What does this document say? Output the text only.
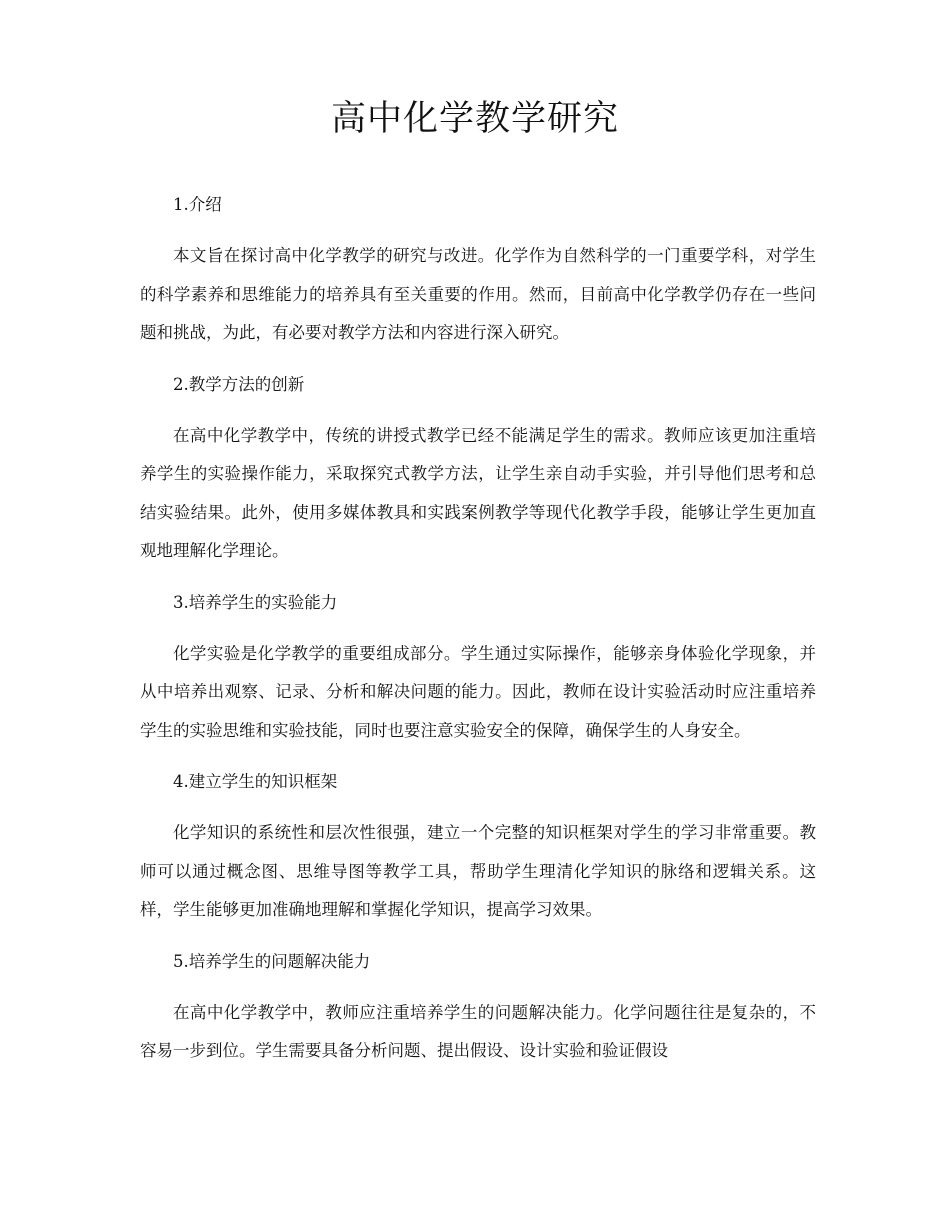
高中化学教学研究
1.介绍

本文旨在探讨高中化学教学的研究与改进。化学作为自然科学的一门重要学科，对学生的科学素养和思维能力的培养具有至关重要的作用。然而，目前高中化学教学仍存在一些问题和挑战，为此，有必要对教学方法和内容进行深入研究。

2.教学方法的创新

在高中化学教学中，传统的讲授式教学已经不能满足学生的需求。教师应该更加注重培养学生的实验操作能力，采取探究式教学方法，让学生亲自动手实验，并引导他们思考和总结实验结果。此外，使用多媒体教具和实践案例教学等现代化教学手段，能够让学生更加直观地理解化学理论。

3.培养学生的实验能力

化学实验是化学教学的重要组成部分。学生通过实际操作，能够亲身体验化学现象，并从中培养出观察、记录、分析和解决问题的能力。因此，教师在设计实验活动时应注重培养学生的实验思维和实验技能，同时也要注意实验安全的保障，确保学生的人身安全。

4.建立学生的知识框架

化学知识的系统性和层次性很强，建立一个完整的知识框架对学生的学习非常重要。教师可以通过概念图、思维导图等教学工具，帮助学生理清化学知识的脉络和逻辑关系。这样，学生能够更加准确地理解和掌握化学知识，提高学习效果。

5.培养学生的问题解决能力

在高中化学教学中，教师应注重培养学生的问题解决能力。化学问题往往是复杂的，不容易一步到位。学生需要具备分析问题、提出假设、设计实验和验证假设
